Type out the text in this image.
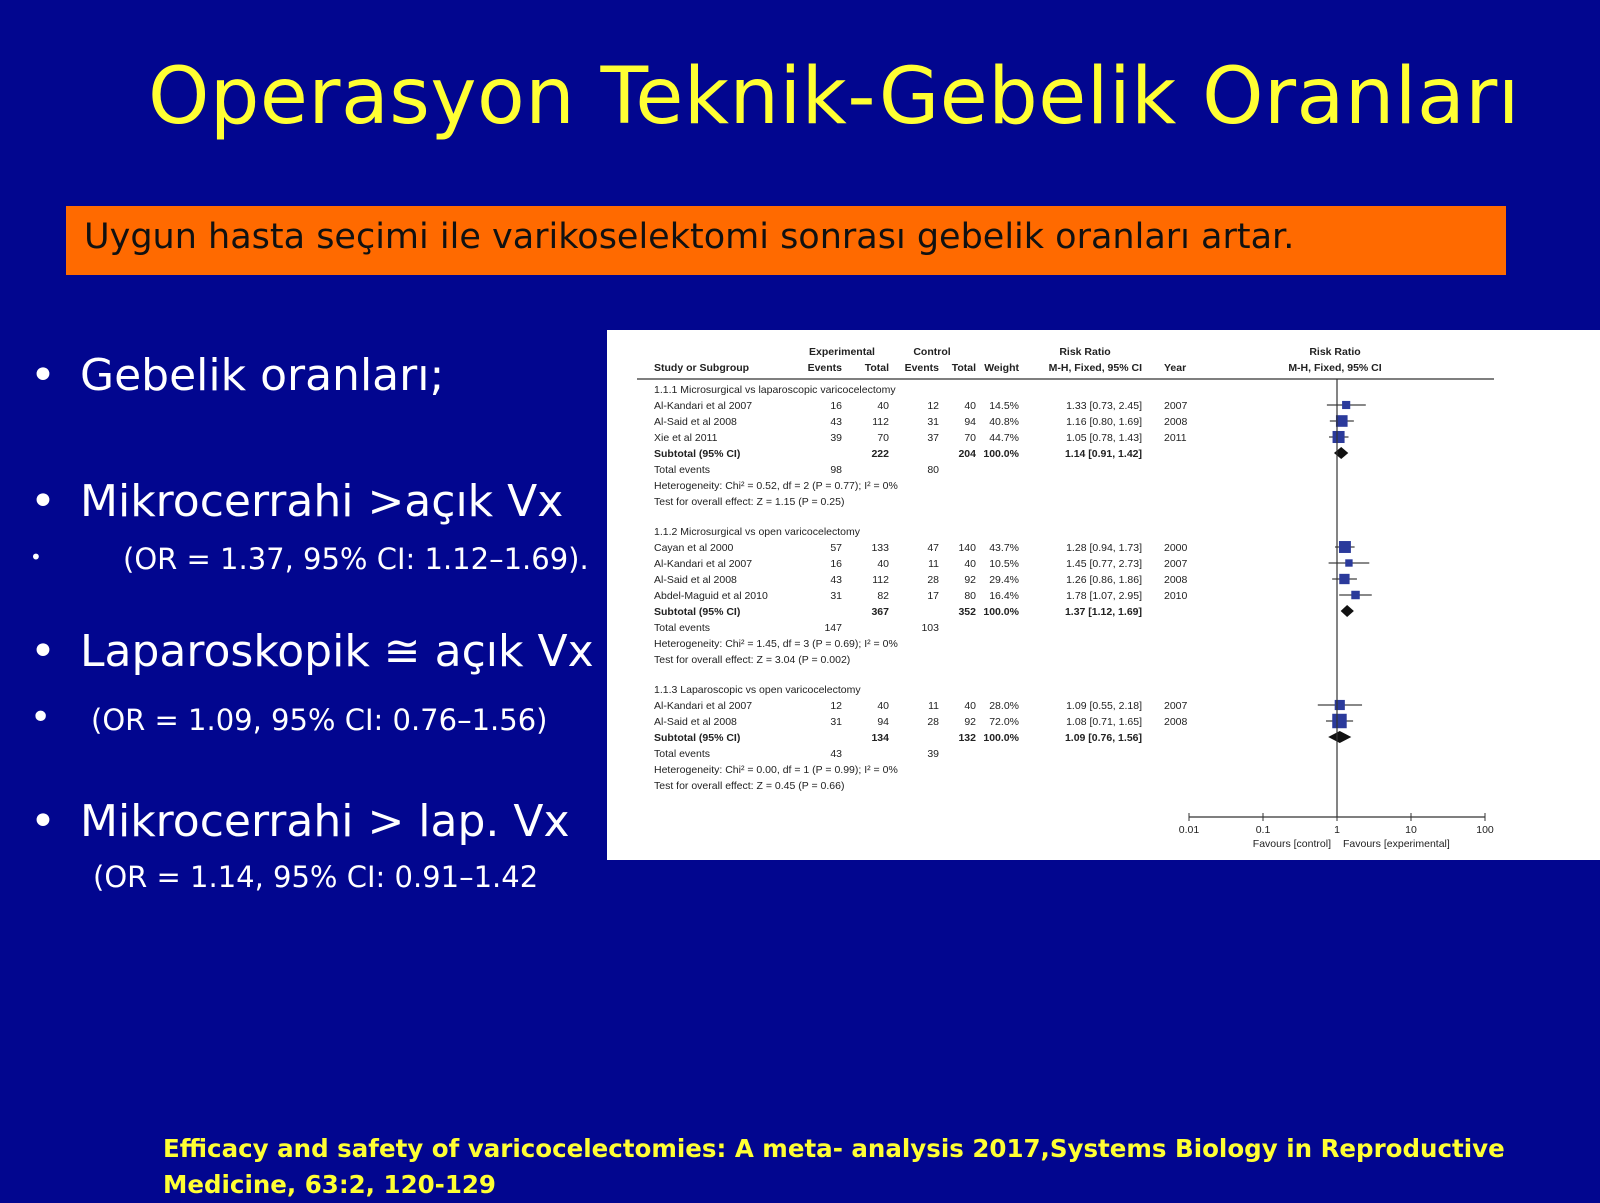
Operasyon Teknik-Gebelik Oranları
Uygun hasta seçimi ile varikoselektomi sonrası gebelik oranları artar.
• Gebelik oranları;
• Mikrocerrahi >açık Vx
•	(OR = 1.37, 95% CI: 1.12–1.69).
• Laparoskopik ≅ açık Vx
• (OR = 1.09, 95% CI: 0.76–1.56)
• Mikrocerrahi > lap. Vx
(OR = 1.14, 95% CI: 0.91–1.42
Experimental	Control	Risk Ratio	Risk Ratio
Study or Subgroup	Events Total Events Total Weight	M-H, Fixed, 95% CI Year	M-H, Fixed, 95% CI
1.1.1 Microsurgical vs laparoscopic varicocelectomy
Al-Kandari et al 2007	16	40	12 40 14.5%	1.33 [0.73, 2.45] 2007
Al-Said et al 2008	43	112	31 94 40.8%	1.16 [0.80, 1.69] 2008
Xie et al 2011	39	70	37 70 44.7%	1.05 [0.78, 1.43] 2011
Subtotal (95% CI)	222	204 100.0%	1.14 [0.91, 1.42]
Total events	98	80
Heterogeneity: Chi² = 0.52, df = 2 (P = 0.77); I² = 0%
Test for overall effect: Z = 1.15 (P = 0.25)
1.1.2 Microsurgical vs open varicocelectomy
Cayan et al 2000	57	133	47 140 43.7%	1.28 [0.94, 1.73] 2000
Al-Kandari et al 2007	16	40	11 40 10.5%	1.45 [0.77, 2.73] 2007
Al-Said et al 2008	43	112	28 92 29.4%	1.26 [0.86, 1.86] 2008
Abdel-Maguid et al 2010	31	82	17 80 16.4%	1.78 [1.07, 2.95] 2010
Subtotal (95% CI)	367	352 100.0%	1.37 [1.12, 1.69]
Total events	147	103
Heterogeneity: Chi² = 1.45, df = 3 (P = 0.69); I² = 0%
Test for overall effect: Z = 3.04 (P = 0.002)
1.1.3 Laparoscopic vs open varicocelectomy
Al-Kandari et al 2007	12	40	11 40 28.0%	1.09 [0.55, 2.18] 2007
Al-Said et al 2008	31	94	28 92 72.0%	1.08 [0.71, 1.65] 2008
Subtotal (95% CI)	134	132 100.0%	1.09 [0.76, 1.56]
Total events	43	39
Heterogeneity: Chi² = 0.00, df = 1 (P = 0.99); I² = 0%
Test for overall effect: Z = 0.45 (P = 0.66)
0.01	0.1	1	10	100
Favours [control] Favours [experimental]
Efficacy and safety of varicocelectomies: A meta- analysis 2017,Systems Biology in Reproductive Medicine, 63:2, 120-129
